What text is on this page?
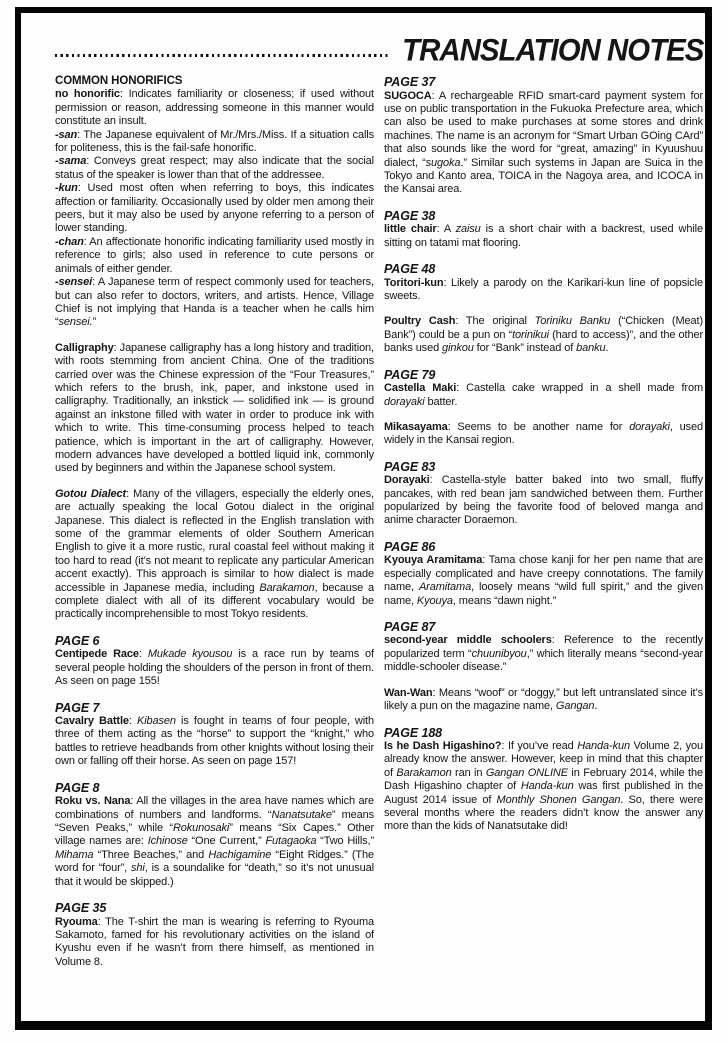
TRANSLATION NOTES
COMMON HONORIFICS

no honorific: Indicates familiarity or closeness; if used without permission or reason, addressing someone in this manner would constitute an insult.

-san: The Japanese equivalent of Mr./Mrs./Miss. If a situation calls for politeness, this is the fail-safe honorific.

-sama: Conveys great respect; may also indicate that the social status of the speaker is lower than that of the addressee.

-kun: Used most often when referring to boys, this indicates affection or familiarity. Occasionally used by older men among their peers, but it may also be used by anyone referring to a person of lower standing.

-chan: An affectionate honorific indicating familiarity used mostly in reference to girls; also used in reference to cute persons or animals of either gender.

-sensei: A Japanese term of respect commonly used for teachers, but can also refer to doctors, writers, and artists. Hence, Village Chief is not implying that Handa is a teacher when he calls him “sensei.”

Calligraphy: Japanese calligraphy has a long history and tradition, with roots stemming from ancient China. One of the traditions carried over was the Chinese expression of the “Four Treasures,” which refers to the brush, ink, paper, and inkstone used in calligraphy. Traditionally, an inkstick — solidified ink — is ground against an inkstone filled with water in order to produce ink with which to write. This time-consuming process helped to teach patience, which is important in the art of calligraphy. However, modern advances have developed a bottled liquid ink, commonly used by beginners and within the Japanese school system.

Gotou Dialect: Many of the villagers, especially the elderly ones, are actually speaking the local Gotou dialect in the original Japanese. This dialect is reflected in the English translation with some of the grammar elements of older Southern American English to give it a more rustic, rural coastal feel without making it too hard to read (it’s not meant to replicate any particular American accent exactly). This approach is similar to how dialect is made accessible in Japanese media, including Barakamon, because a complete dialect with all of its different vocabulary would be practically incomprehensible to most Tokyo residents.

PAGE 6

Centipede Race: Mukade kyousou is a race run by teams of several people holding the shoulders of the person in front of them. As seen on page 155!

PAGE 7

Cavalry Battle: Kibasen is fought in teams of four people, with three of them acting as the “horse” to support the “knight,” who battles to retrieve headbands from other knights without losing their own or falling off their horse. As seen on page 157!

PAGE 8

Roku vs. Nana: All the villages in the area have names which are combinations of numbers and landforms. “Nanatsutake” means “Seven Peaks,” while “Rokunosaki” means “Six Capes.” Other village names are: Ichinose “One Current,” Futagaoka “Two Hills,” Mihama “Three Beaches,” and Hachigamine “Eight Ridges.” (The word for “four”, shi, is a soundalike for “death,” so it’s not unusual that it would be skipped.)

PAGE 35

Ryouma: The T-shirt the man is wearing is referring to Ryouma Sakamoto, famed for his revolutionary activities on the island of Kyushu even if he wasn’t from there himself, as mentioned in Volume 8.

PAGE 37

SUGOCA: A rechargeable RFID smart-card payment system for use on public transportation in the Fukuoka Prefecture area, which can also be used to make purchases at some stores and drink machines. The name is an acronym for “Smart Urban GOing CArd” that also sounds like the word for “great, amazing” in Kyuushuu dialect, “sugoka.” Similar such systems in Japan are Suica in the Tokyo and Kanto area, TOICA in the Nagoya area, and ICOCA in the Kansai area.

PAGE 38

little chair: A zaisu is a short chair with a backrest, used while sitting on tatami mat flooring.

PAGE 48

Toritori-kun: Likely a parody on the Karikari-kun line of popsicle sweets.

Poultry Cash: The original Toriniku Banku (“Chicken (Meat) Bank”) could be a pun on “torinikui (hard to access)”, and the other banks used ginkou for “Bank” instead of banku.

PAGE 79

Castella Maki: Castella cake wrapped in a shell made from dorayaki batter.

Mikasayama: Seems to be another name for dorayaki, used widely in the Kansai region.

PAGE 83

Dorayaki: Castella-style batter baked into two small, fluffy pancakes, with red bean jam sandwiched between them. Further popularized by being the favorite food of beloved manga and anime character Doraemon.

PAGE 86

Kyouya Aramitama: Tama chose kanji for her pen name that are especially complicated and have creepy connotations. The family name, Aramitama, loosely means “wild full spirit,” and the given name, Kyouya, means “dawn night.”

PAGE 87

second-year middle schoolers: Reference to the recently popularized term “chuunibyou,” which literally means “second-year middle-schooler disease.”

Wan-Wan: Means “woof” or “doggy,” but left untranslated since it’s likely a pun on the magazine name, Gangan.

PAGE 188

Is he Dash Higashino?: If you’ve read Handa-kun Volume 2, you already know the answer. However, keep in mind that this chapter of Barakamon ran in Gangan ONLINE in February 2014, while the Dash Higashino chapter of Handa-kun was first published in the August 2014 issue of Monthly Shonen Gangan. So, there were several months where the readers didn’t know the answer any more than the kids of Nanatsutake did!
